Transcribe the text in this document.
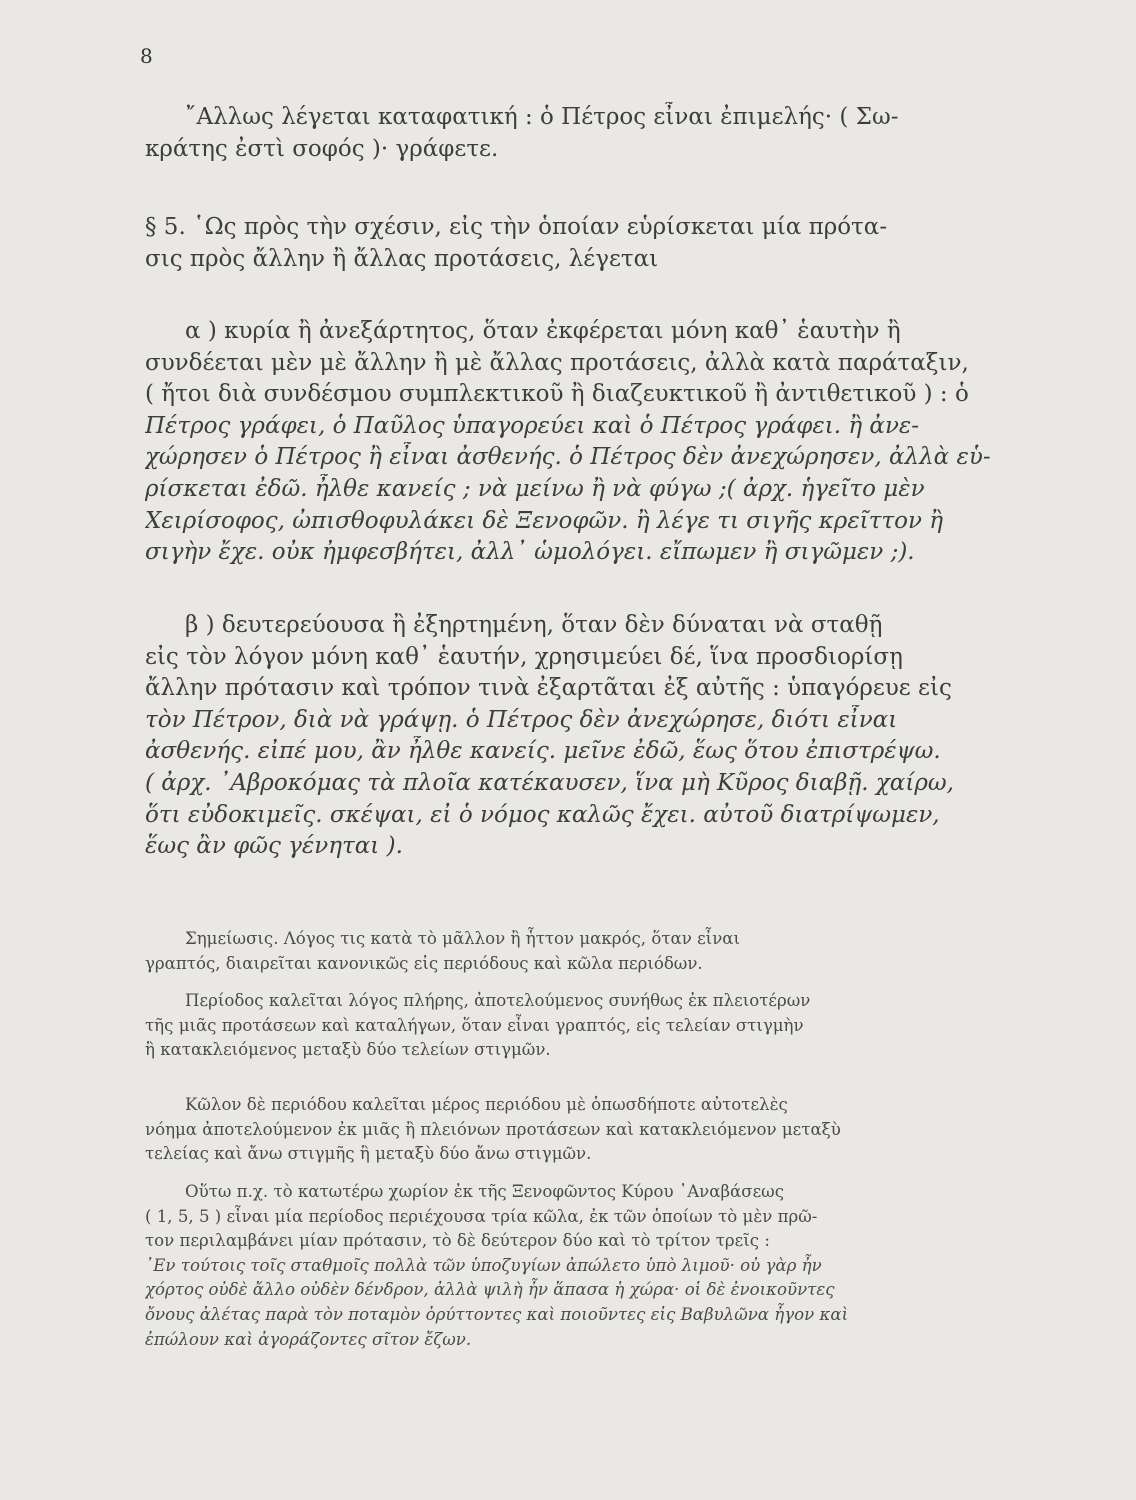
8
῎Αλλως λέγεται καταφατική : ὁ Πέτρος εἶναι ἐπιμελής· ( Σω-
κράτης ἐστὶ σοφός )· γράφετε.
§ 5. ῾Ως πρὸς τὴν σχέσιν, εἰς τὴν ὁποίαν εὑρίσκεται μία πρότα-
σις πρὸς ἄλλην ἢ ἄλλας προτάσεις, λέγεται
α ) κυρία ἢ ἀνεξάρτητος, ὅταν ἐκφέρεται μόνη καθ᾽ ἑαυτὴν ἢ
συνδέεται μὲν μὲ ἄλλην ἢ μὲ ἄλλας προτάσεις, ἀλλὰ κατὰ παράταξιν,
( ἤτοι διὰ συνδέσμου συμπλεκτικοῦ ἢ διαζευκτικοῦ ἢ ἀντιθετικοῦ ) : ὁ
Πέτρος γράφει, ὁ Παῦλος ὑπαγορεύει καὶ ὁ Πέτρος γράφει. ἢ ἀνε-
χώρησεν ὁ Πέτρος ἢ εἶναι ἀσθενής. ὁ Πέτρος δὲν ἀνεχώρησεν, ἀλλὰ εὑ-
ρίσκεται ἐδῶ. ἦλθε κανείς ; νὰ μείνω ἢ νὰ φύγω ;( ἀρχ. ἡγεῖτο μὲν
Χειρίσοφος, ὠπισθοφυλάκει δὲ Ξενοφῶν. ἢ λέγε τι σιγῆς κρεῖττον ἢ
σιγὴν ἔχε. οὐκ ἠμφεσβήτει, ἀλλ᾽ ὡμολόγει. εἴπωμεν ἢ σιγῶμεν ;).
β ) δευτερεύουσα ἢ ἐξηρτημένη, ὅταν δὲν δύναται νὰ σταθῇ
εἰς τὸν λόγον μόνη καθ᾽ ἑαυτήν, χρησιμεύει δέ, ἵνα προσδιορίσῃ
ἄλλην πρότασιν καὶ τρόπον τινὰ ἐξαρτᾶται ἐξ αὐτῆς : ὑπαγόρευε εἰς
τὸν Πέτρον, διὰ νὰ γράψῃ. ὁ Πέτρος δὲν ἀνεχώρησε, διότι εἶναι
ἀσθενής. εἰπέ μου, ἂν ἦλθε κανείς. μεῖνε ἐδῶ, ἕως ὅτου ἐπιστρέψω.
( ἀρχ. ᾿Αβροκόμας τὰ πλοῖα κατέκαυσεν, ἵνα μὴ Κῦρος διαβῇ. χαίρω,
ὅτι εὐδοκιμεῖς. σκέψαι, εἰ ὁ νόμος καλῶς ἔχει. αὐτοῦ διατρίψωμεν,
ἕως ἂν φῶς γένηται ).
Σημείωσις. Λόγος τις κατὰ τὸ μᾶλλον ἢ ἧττον μακρός, ὅταν εἶναι
γραπτός, διαιρεῖται κανονικῶς εἰς περιόδους καὶ κῶλα περιόδων.
Περίοδος καλεῖται λόγος πλήρης, ἀποτελούμενος συνήθως ἐκ πλειοτέρων
τῆς μιᾶς προτάσεων καὶ καταλήγων, ὅταν εἶναι γραπτός, εἰς τελείαν στιγμὴν
ἢ κατακλειόμενος μεταξὺ δύο τελείων στιγμῶν.
Κῶλον δὲ περιόδου καλεῖται μέρος περιόδου μὲ ὁπωσδήποτε αὐτοτελὲς
νόημα ἀποτελούμενον ἐκ μιᾶς ἢ πλειόνων προτάσεων καὶ κατακλειόμενον μεταξὺ
τελείας καὶ ἄνω στιγμῆς ἢ μεταξὺ δύο ἄνω στιγμῶν.
Οὕτω π.χ. τὸ κατωτέρω χωρίον ἐκ τῆς Ξενοφῶντος Κύρου ᾽Αναβάσεως
( 1, 5, 5 ) εἶναι μία περίοδος περιέχουσα τρία κῶλα, ἐκ τῶν ὁποίων τὸ μὲν πρῶ-
τον περιλαμβάνει μίαν πρότασιν, τὸ δὲ δεύτερον δύο καὶ τὸ τρίτον τρεῖς :
᾿Εν τούτοις τοῖς σταθμοῖς πολλὰ τῶν ὑποζυγίων ἀπώλετο ὑπὸ λιμοῦ· οὐ γὰρ ἦν
χόρτος οὐδὲ ἄλλο οὐδὲν δένδρον, ἀλλὰ ψιλὴ ἦν ἅπασα ἡ χώρα· οἱ δὲ ἐνοικοῦντες
ὄνους ἀλέτας παρὰ τὸν ποταμὸν ὀρύττοντες καὶ ποιοῦντες εἰς Βαβυλῶνα ἦγον καὶ
ἐπώλουν καὶ ἀγοράζοντες σῖτον ἔζων.
